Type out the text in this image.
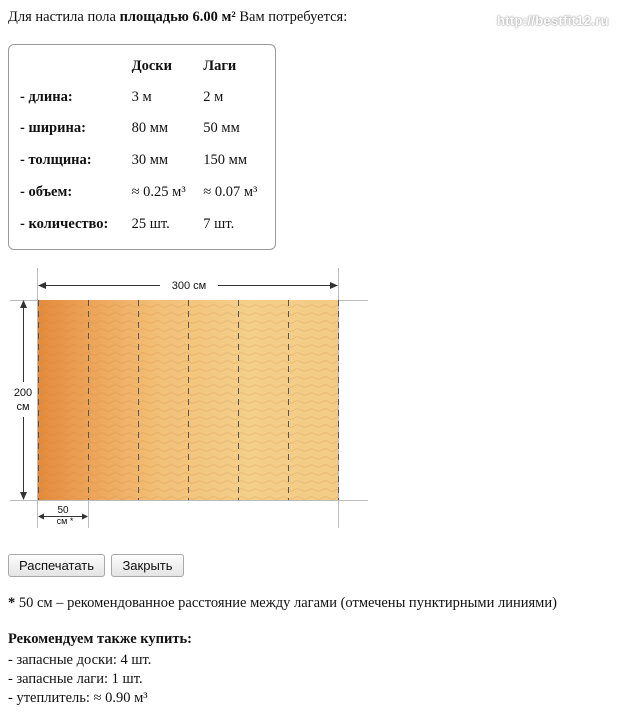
http://bestfit12.ru
Для настила пола площадью 6.00 м² Вам потребуется:
	Доски	Лаги
- длина:	3 м	2 м
- ширина:	80 мм	50 мм
- толщина:	30 мм	150 мм
- объем:	≈ 0.25 м³	≈ 0.07 м³
- количество:	25 шт.	7 шт.
300 см
200
см
50
см *
Распечатать	Закрыть
* 50 см – рекомендованное расстояние между лагами (отмечены пунктирными линиями)
Рекомендуем также купить:
- запасные доски: 4 шт.
- запасные лаги: 1 шт.
- утеплитель: ≈ 0.90 м³
